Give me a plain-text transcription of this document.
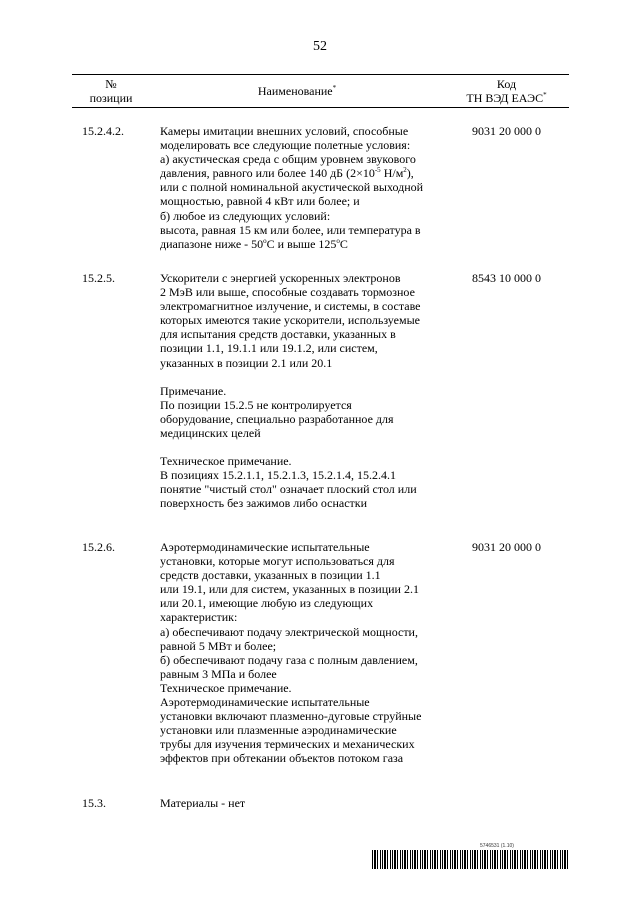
52
№
позиции	Наименование*	Код
ТН ВЭД ЕАЭС*
15.2.4.2.	Камеры имитации внешних условий, способные
моделировать все следующие полетные условия:
а) акустическая среда с общим уровнем звукового
давления, равного или более 140 дБ ($2\times 10^{-5}$ $Н/м^2$),
или с полной номинальной акустической выходной
мощностью, равной 4 кВт или более; и
б) любое из следующих условий:
высота, равная 15 км или более, или температура в
диапазоне ниже - 50$^o$С и выше 125$^o$С
9031 20 000 0
15.2.5.	Ускорители с энергией ускоренных электронов
2 МэВ или выше, способные создавать тормозное
электромагнитное излучение, и системы, в составе
которых имеются такие ускорители, используемые
для испытания средств доставки, указанных в
позиции 1.1, 19.1.1 или 19.1.2, или систем,
указанных в позиции 2.1 или 20.1
Примечание.
По позиции 15.2.5 не контролируется
оборудование, специально разработанное для
медицинских целей
Техническое примечание.
В позициях 15.2.1.1, 15.2.1.3, 15.2.1.4, 15.2.4.1
понятие "чистый стол" означает плоский стол или
поверхность без зажимов либо оснастки
8543 10 000 0
15.2.6.	Аэротермодинамические испытательные
установки, которые могут использоваться для
средств доставки, указанных в позиции 1.1
или 19.1, или для систем, указанных в позиции 2.1
или 20.1, имеющие любую из следующих
характеристик:
а) обеспечивают подачу электрической мощности,
равной 5 МВт и более;
б) обеспечивают подачу газа с полным давлением,
равным 3 МПа и более
Техническое примечание.
Аэротермодинамические испытательные
установки включают плазменно-дуговые струйные
установки или плазменные аэродинамические
трубы для изучения термических и механических
эффектов при обтекании объектов потоком газа
9031 20 000 0
15.3.	Материалы - нет
5746531 (1.10)
